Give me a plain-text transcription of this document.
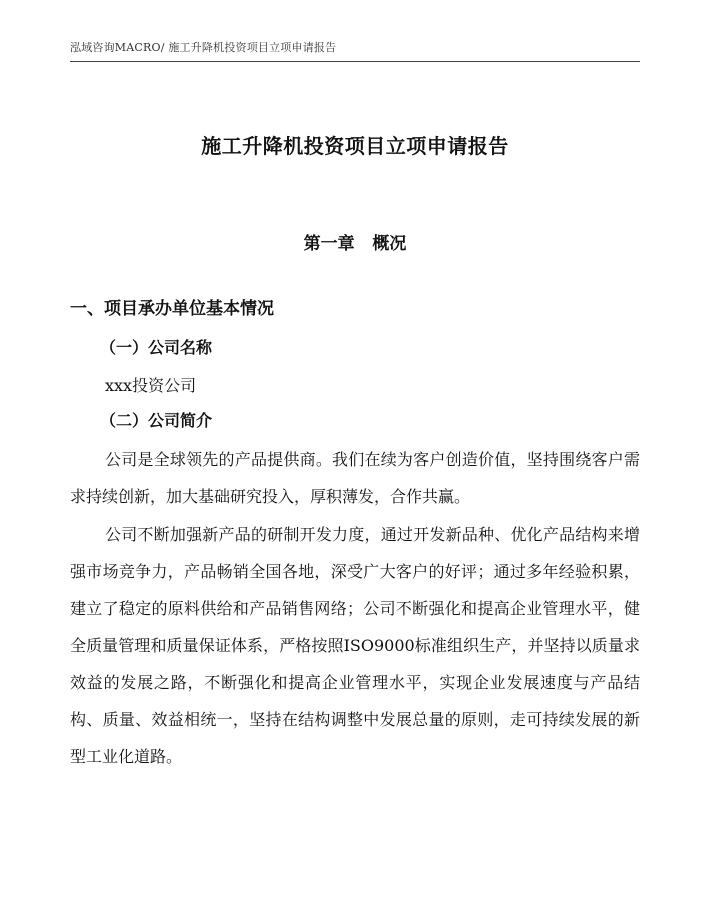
泓域咨询MACRO/ 施工升降机投资项目立项申请报告
施工升降机投资项目立项申请报告
第一章   概况
一、项目承办单位基本情况
（一）公司名称
xxx投资公司
（二）公司简介
公司是全球领先的产品提供商。我们在续为客户创造价值，坚持围绕客户需求持续创新，加大基础研究投入，厚积薄发，合作共赢。
公司不断加强新产品的研制开发力度，通过开发新品种、优化产品结构来增强市场竞争力，产品畅销全国各地，深受广大客户的好评；通过多年经验积累，建立了稳定的原料供给和产品销售网络；公司不断强化和提高企业管理水平，健全质量管理和质量保证体系，严格按照ISO9000标准组织生产，并坚持以质量求效益的发展之路，不断强化和提高企业管理水平，实现企业发展速度与产品结构、质量、效益相统一，坚持在结构调整中发展总量的原则，走可持续发展的新型工业化道路。
